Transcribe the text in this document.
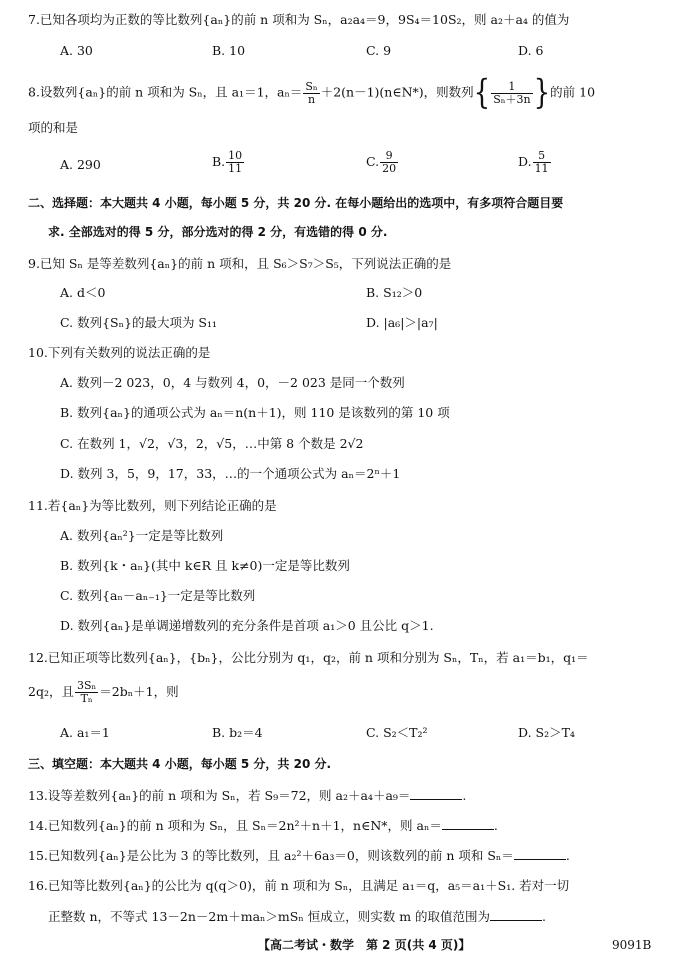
7.已知各项均为正数的等比数列{aₙ}的前 n 项和为 Sₙ，a₂a₄＝9，9S₄＝10S₂，则 a₂＋a₄ 的值为
A. 30	B. 10	C. 9	D. 6
8.设数列{aₙ}的前 n 项和为 Sₙ，且 a₁＝1，$a_n= \frac{\text{Sₙ}}{n}$ ＋2(n－1)(n∈N*)，则数列{ $\frac{1}{\text{Sₙ＋3n}}$ }的前 10
项的和是
A. 290	B. $\frac{10}{11}$	C. $\frac{9}{20}$	D. $\frac{5}{11}$
二、选择题：本大题共 4 小题，每小题 5 分，共 20 分. 在每小题给出的选项中，有多项符合题目要
求. 全部选对的得 5 分，部分选对的得 2 分，有选错的得 0 分.
9.已知 Sₙ 是等差数列{aₙ}的前 n 项和，且 S₆＞S₇＞S₅，下列说法正确的是
A. d＜0	B. S₁₂＞0
C. 数列{Sₙ}的最大项为 S₁₁	D. |a₆|＞|a₇|
10.下列有关数列的说法正确的是
A. 数列－2 023，0，4 与数列 4，0，－2 023 是同一个数列
B. 数列{aₙ}的通项公式为 aₙ＝n(n＋1)，则 110 是该数列的第 10 项
C. 在数列 1，√2，√3，2，√5，…中第 8 个数是 2√2
D. 数列 3，5，9，17，33，…的一个通项公式为 aₙ＝2ⁿ＋1
11.若{aₙ}为等比数列，则下列结论正确的是
A. 数列{aₙ²}一定是等比数列
B. 数列{k・aₙ}(其中 k∈R 且 k≠0)一定是等比数列
C. 数列{aₙ－aₙ₋₁}一定是等比数列
D. 数列{aₙ}是单调递增数列的充分条件是首项 a₁＞0 且公比 q＞1.
12.已知正项等比数列{aₙ}，{bₙ}，公比分别为 q₁，q₂，前 n 项和分别为 Sₙ，Tₙ，若 a₁＝b₁，q₁＝
2q₂，且 $\frac{\text{3Sₙ}}{\text{Tₙ}} =2b_n+1$，则
A. a₁＝1	B. b₂＝4	C. S₂＜T₂²	D. S₂＞T₄
三、填空题：本大题共 4 小题，每小题 5 分，共 20 分.
13.设等差数列{aₙ}的前 n 项和为 Sₙ，若 S₉＝72，则 a₂＋a₄＋a₉＝	.
14.已知数列{aₙ}的前 n 项和为 Sₙ，且 Sₙ＝2n²＋n＋1，n∈N*，则 aₙ＝	.
15.已知数列{aₙ}是公比为 3 的等比数列，且 a₂²＋6a₃＝0，则该数列的前 n 项和 Sₙ＝	.
16.已知等比数列{aₙ}的公比为 q(q＞0)，前 n 项和为 Sₙ，且满足 a₁＝q，a₅＝a₁＋S₁. 若对一切
正整数 n，不等式 13－2n－2m＋maₙ＞mSₙ 恒成立，则实数 m 的取值范围为	.
【高二考试・数学　第 2 页(共 4 页)】	9091B
